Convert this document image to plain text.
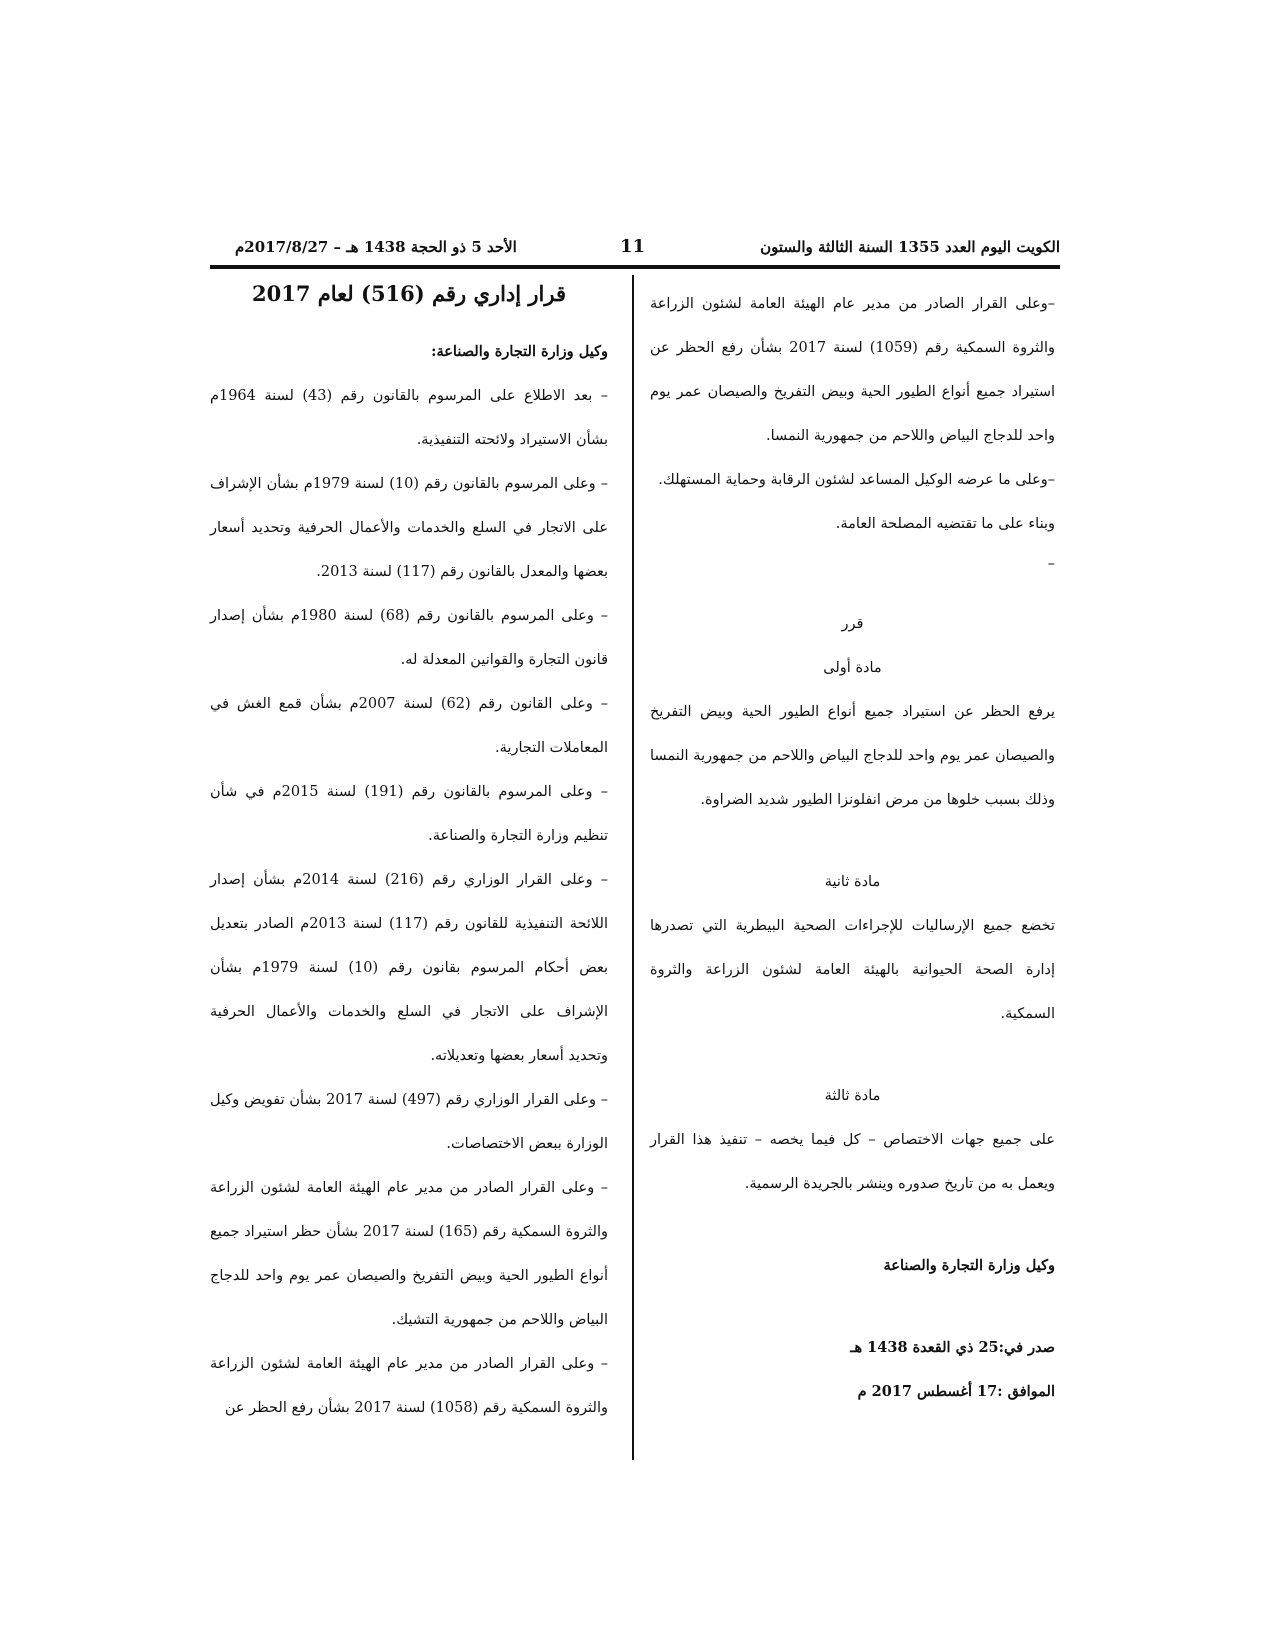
الكويت اليوم العدد 1355 السنة الثالثة والستون
11
الأحد 5 ذو الحجة 1438 هـ – 2017/8/27م
قرار إداري رقم (516) لعام 2017

وكيل وزارة التجارة والصناعة:

– بعد الاطلاع على المرسوم بالقانون رقم (43) لسنة 1964م بشأن الاستيراد ولائحته التنفيذية.

– وعلى المرسوم بالقانون رقم (10) لسنة 1979م بشأن الإشراف على الاتجار في السلع والخدمات والأعمال الحرفية وتحديد أسعار بعضها والمعدل بالقانون رقم (117) لسنة 2013.

– وعلى المرسوم بالقانون رقم (68) لسنة 1980م بشأن إصدار قانون التجارة والقوانين المعدلة له.

– وعلى القانون رقم (62) لسنة 2007م بشأن قمع الغش في المعاملات التجارية.

– وعلى المرسوم بالقانون رقم (191) لسنة 2015م في شأن تنظيم وزارة التجارة والصناعة.

– وعلى القرار الوزاري رقم (216) لسنة 2014م بشأن إصدار اللائحة التنفيذية للقانون رقم (117) لسنة 2013م الصادر بتعديل بعض أحكام المرسوم بقانون رقم (10) لسنة 1979م بشأن الإشراف على الاتجار في السلع والخدمات والأعمال الحرفية وتحديد أسعار بعضها وتعديلاته.

– وعلى القرار الوزاري رقم (497) لسنة 2017 بشأن تفويض وكيل الوزارة ببعض الاختصاصات.

– وعلى القرار الصادر من مدير عام الهيئة العامة لشئون الزراعة والثروة السمكية رقم (165) لسنة 2017 بشأن حظر استيراد جميع أنواع الطيور الحية وبيض التفريخ والصيصان عمر يوم واحد للدجاج البياض واللاحم من جمهورية التشيك.

– وعلى القرار الصادر من مدير عام الهيئة العامة لشئون الزراعة والثروة السمكية رقم (1058) لسنة 2017 بشأن رفع الحظر عن

–وعلى القرار الصادر من مدير عام الهيئة العامة لشئون الزراعة والثروة السمكية رقم (1059) لسنة 2017 بشأن رفع الحظر عن استيراد جميع أنواع الطيور الحية وبيض التفريخ والصيصان عمر يوم واحد للدجاج البياض واللاحم من جمهورية النمسا.

–وعلى ما عرضه الوكيل المساعد لشئون الرقابة وحماية المستهلك.

وبناء على ما تقتضيه المصلحة العامة.

–

قرر

مادة أولى

يرفع الحظر عن استيراد جميع أنواع الطيور الحية وبيض التفريخ والصيصان عمر يوم واحد للدجاج البياض واللاحم من جمهورية النمسا وذلك بسبب خلوها من مرض انفلونزا الطيور شديد الضراوة.

مادة ثانية

تخضع جميع الإرساليات للإجراءات الصحية البيطرية التي تصدرها إدارة الصحة الحيوانية بالهيئة العامة لشئون الزراعة والثروة السمكية.

مادة ثالثة

على جميع جهات الاختصاص – كل فيما يخصه – تنفيذ هذا القرار ويعمل به من تاريخ صدوره وينشر بالجريدة الرسمية.

وكيل وزارة التجارة والصناعة

صدر في:25 ذي القعدة 1438 هـ

الموافق :17 أغسطس 2017 م
